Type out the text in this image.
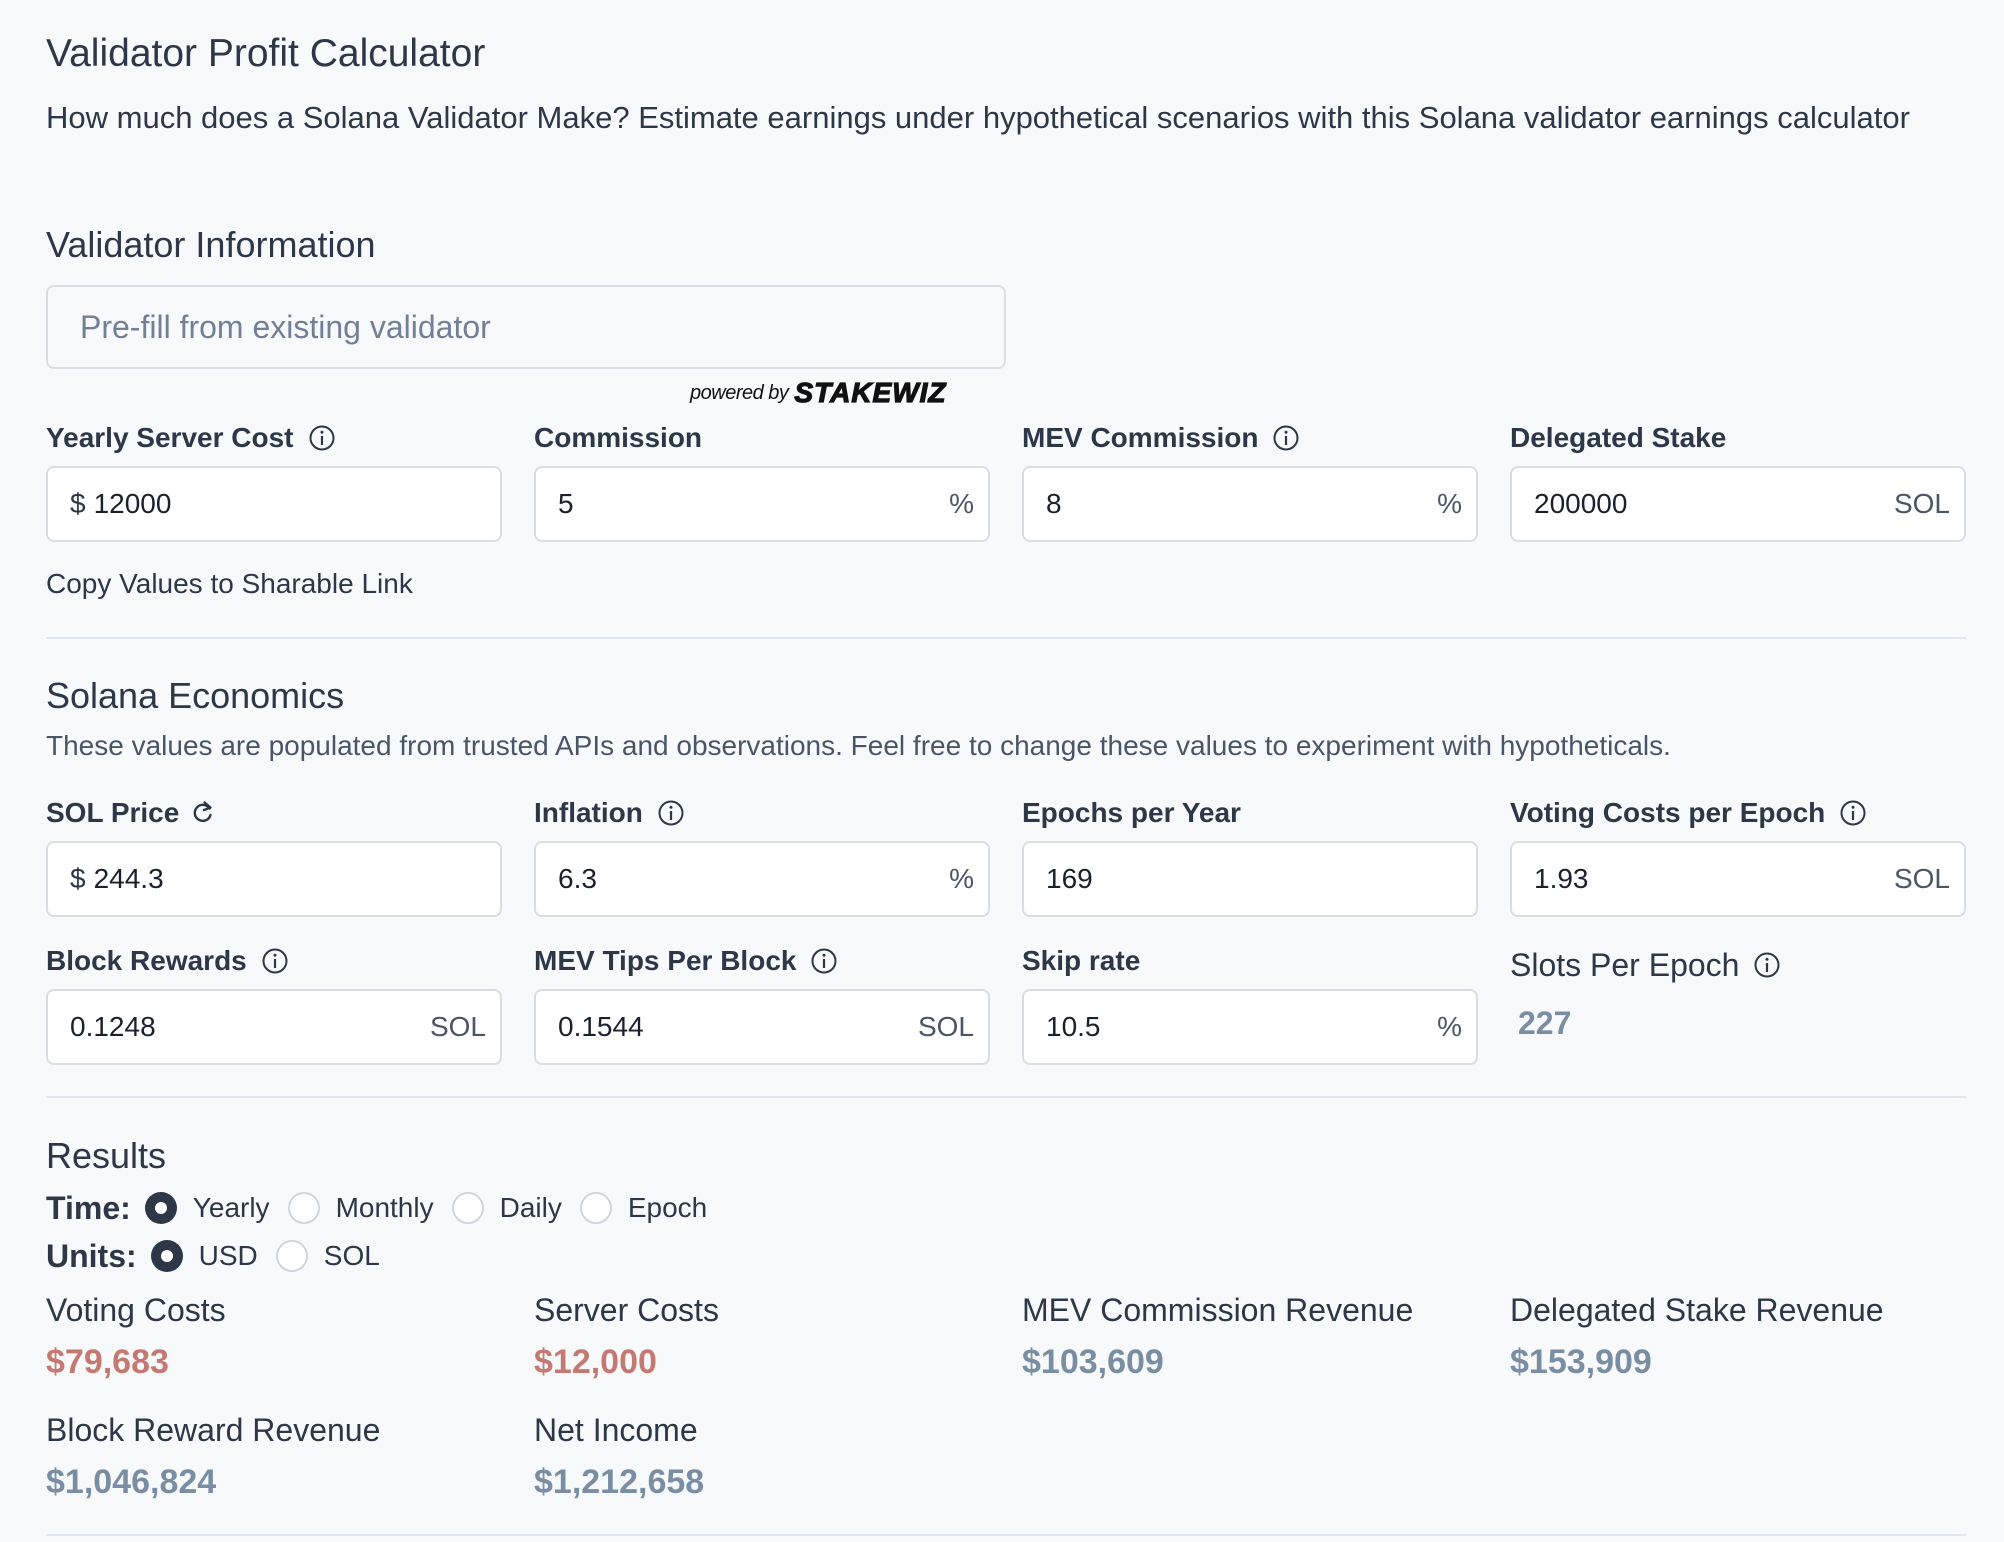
Validator Profit Calculator

How much does a Solana Validator Make? Estimate earnings under hypothetical scenarios with this Solana validator earnings calculator

Validator Information
Pre-fill from existing validator
powered by STAKEWIZ
Yearly Server Cost
$
12000
Commission
5
%
MEV Commission
8
%
Delegated Stake
200000
SOL
Copy Values to Sharable Link
Solana Economics

These values are populated from trusted APIs and observations. Feel free to change these values to experiment with hypotheticals.

SOL Price
$
244.3
Inflation
6.3
%
Epochs per Year
169	Voting Costs per Epoch
1.93
SOL
Block Rewards
0.1248
SOL
MEV Tips Per Block
0.1544
SOL
Skip rate
10.5
%
Slots Per Epoch
227
Results
Time: Yearly Monthly Daily Epoch
Units: USD SOL
Voting Costs
$79,683
Server Costs
$12,000
MEV Commission Revenue
$103,609
Delegated Stake Revenue
$153,909
Block Reward Revenue
$1,046,824
Net Income
$1,212,658
